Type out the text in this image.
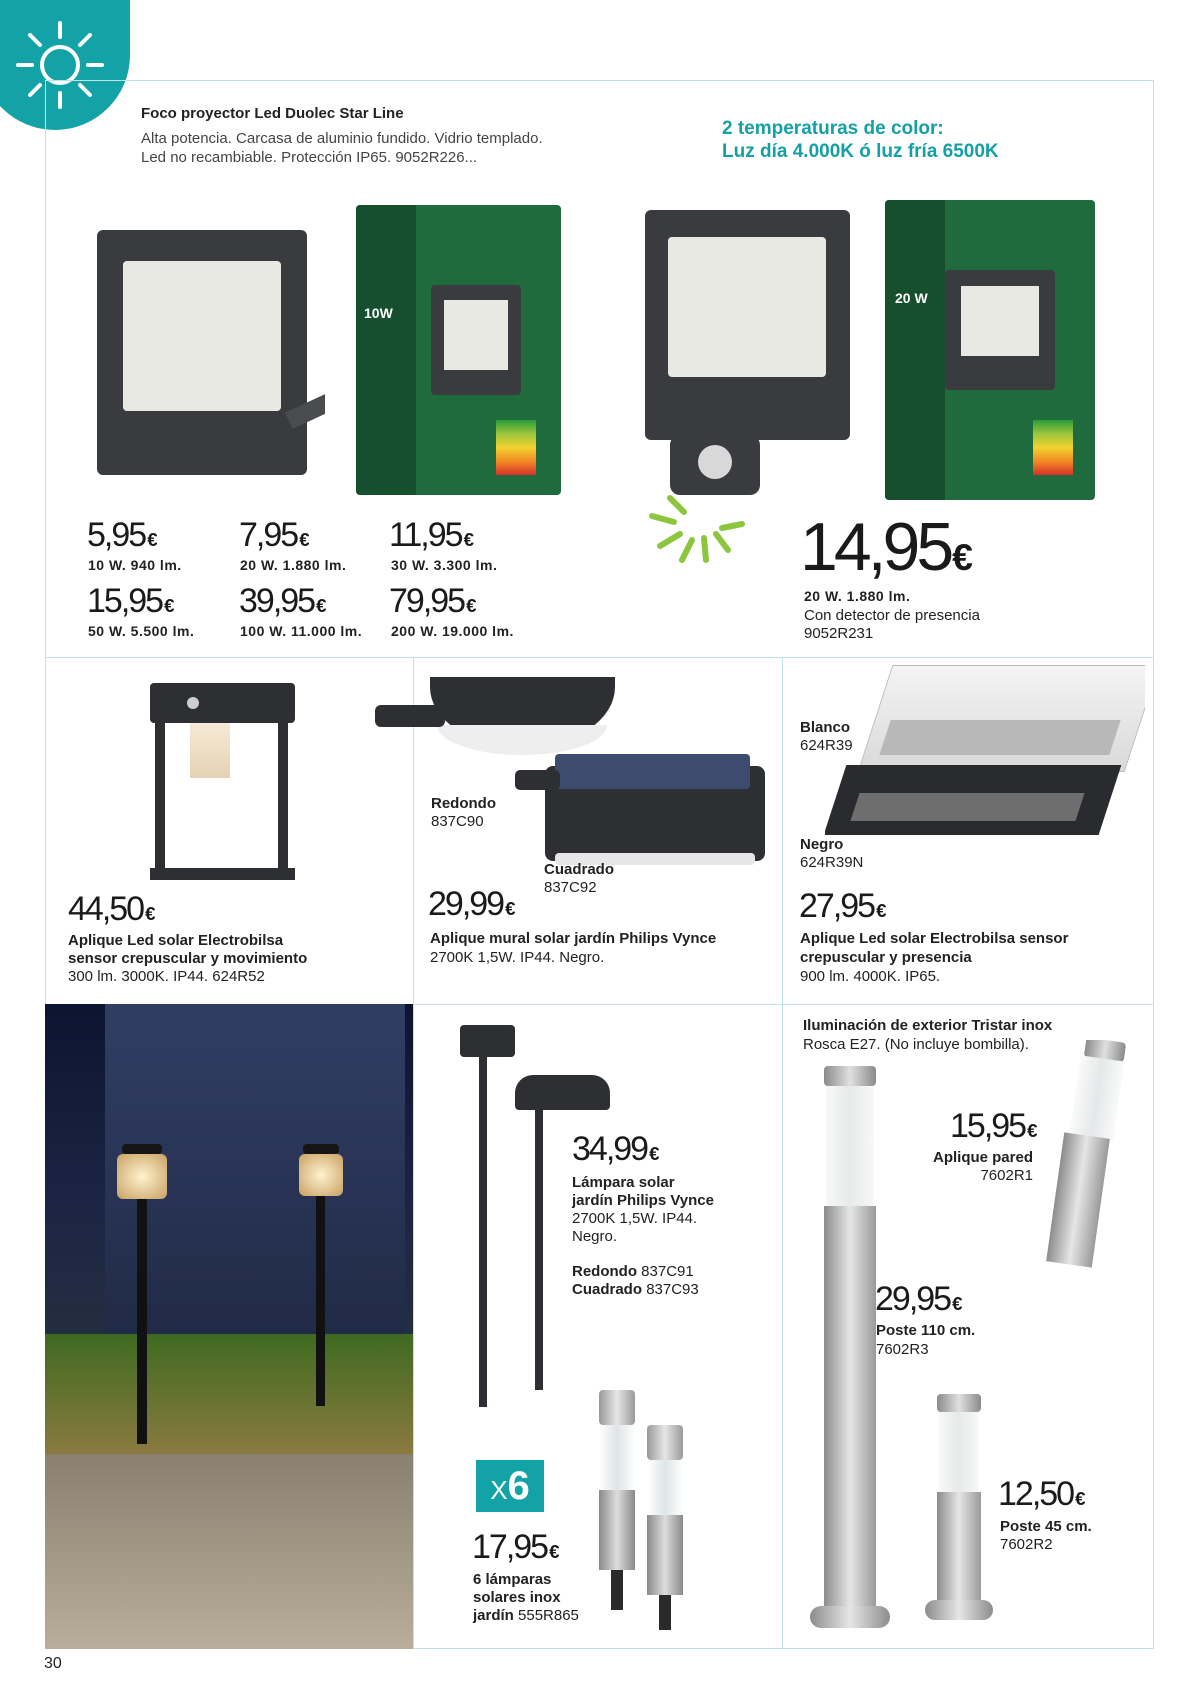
Foco proyector Led Duolec Star Line
Alta potencia. Carcasa de aluminio fundido. Vidrio templado.
Led no recambiable. Protección IP65. 9052R226...
2 temperaturas de color:
Luz día 4.000K ó luz fría 6500K
10W
20 W
5,95 €
10 W. 940 lm.
7,95 €
20 W. 1.880 lm.
11,95 €
30 W. 3.300 lm.
15,95 €
50 W. 5.500 lm.
39,95 €
100 W. 11.000 lm.
79,95 €
200 W. 19.000 lm.
14,95€
20 W. 1.880 lm.
Con detector de presencia
9052R231
44,50 €
Aplique Led solar Electrobilsa
sensor crepuscular y movimiento
300 lm. 3000K. IP44. 624R52
Redondo
837C90
Cuadrado
837C92
29,99 €
Aplique mural solar jardín Philips Vynce
2700K 1,5W. IP44. Negro.
Blanco
624R39
Negro
624R39N
27,95 €
Aplique Led solar Electrobilsa sensor
crepuscular y presencia
900 lm. 4000K. IP65.
34,99 €
Lámpara solar
jardín Philips Vynce
2700K 1,5W. IP44.
Negro.
Redondo 837C91
Cuadrado 837C93
X6
17,95 €
6 lámparas
solares inox
jardín 555R865
Iluminación de exterior Tristar inox
Rosca E27. (No incluye bombilla).
15,95 €
Aplique pared
7602R1
29,95 €
Poste 110 cm.
7602R3
12,50 €
Poste 45 cm.
7602R2
30
